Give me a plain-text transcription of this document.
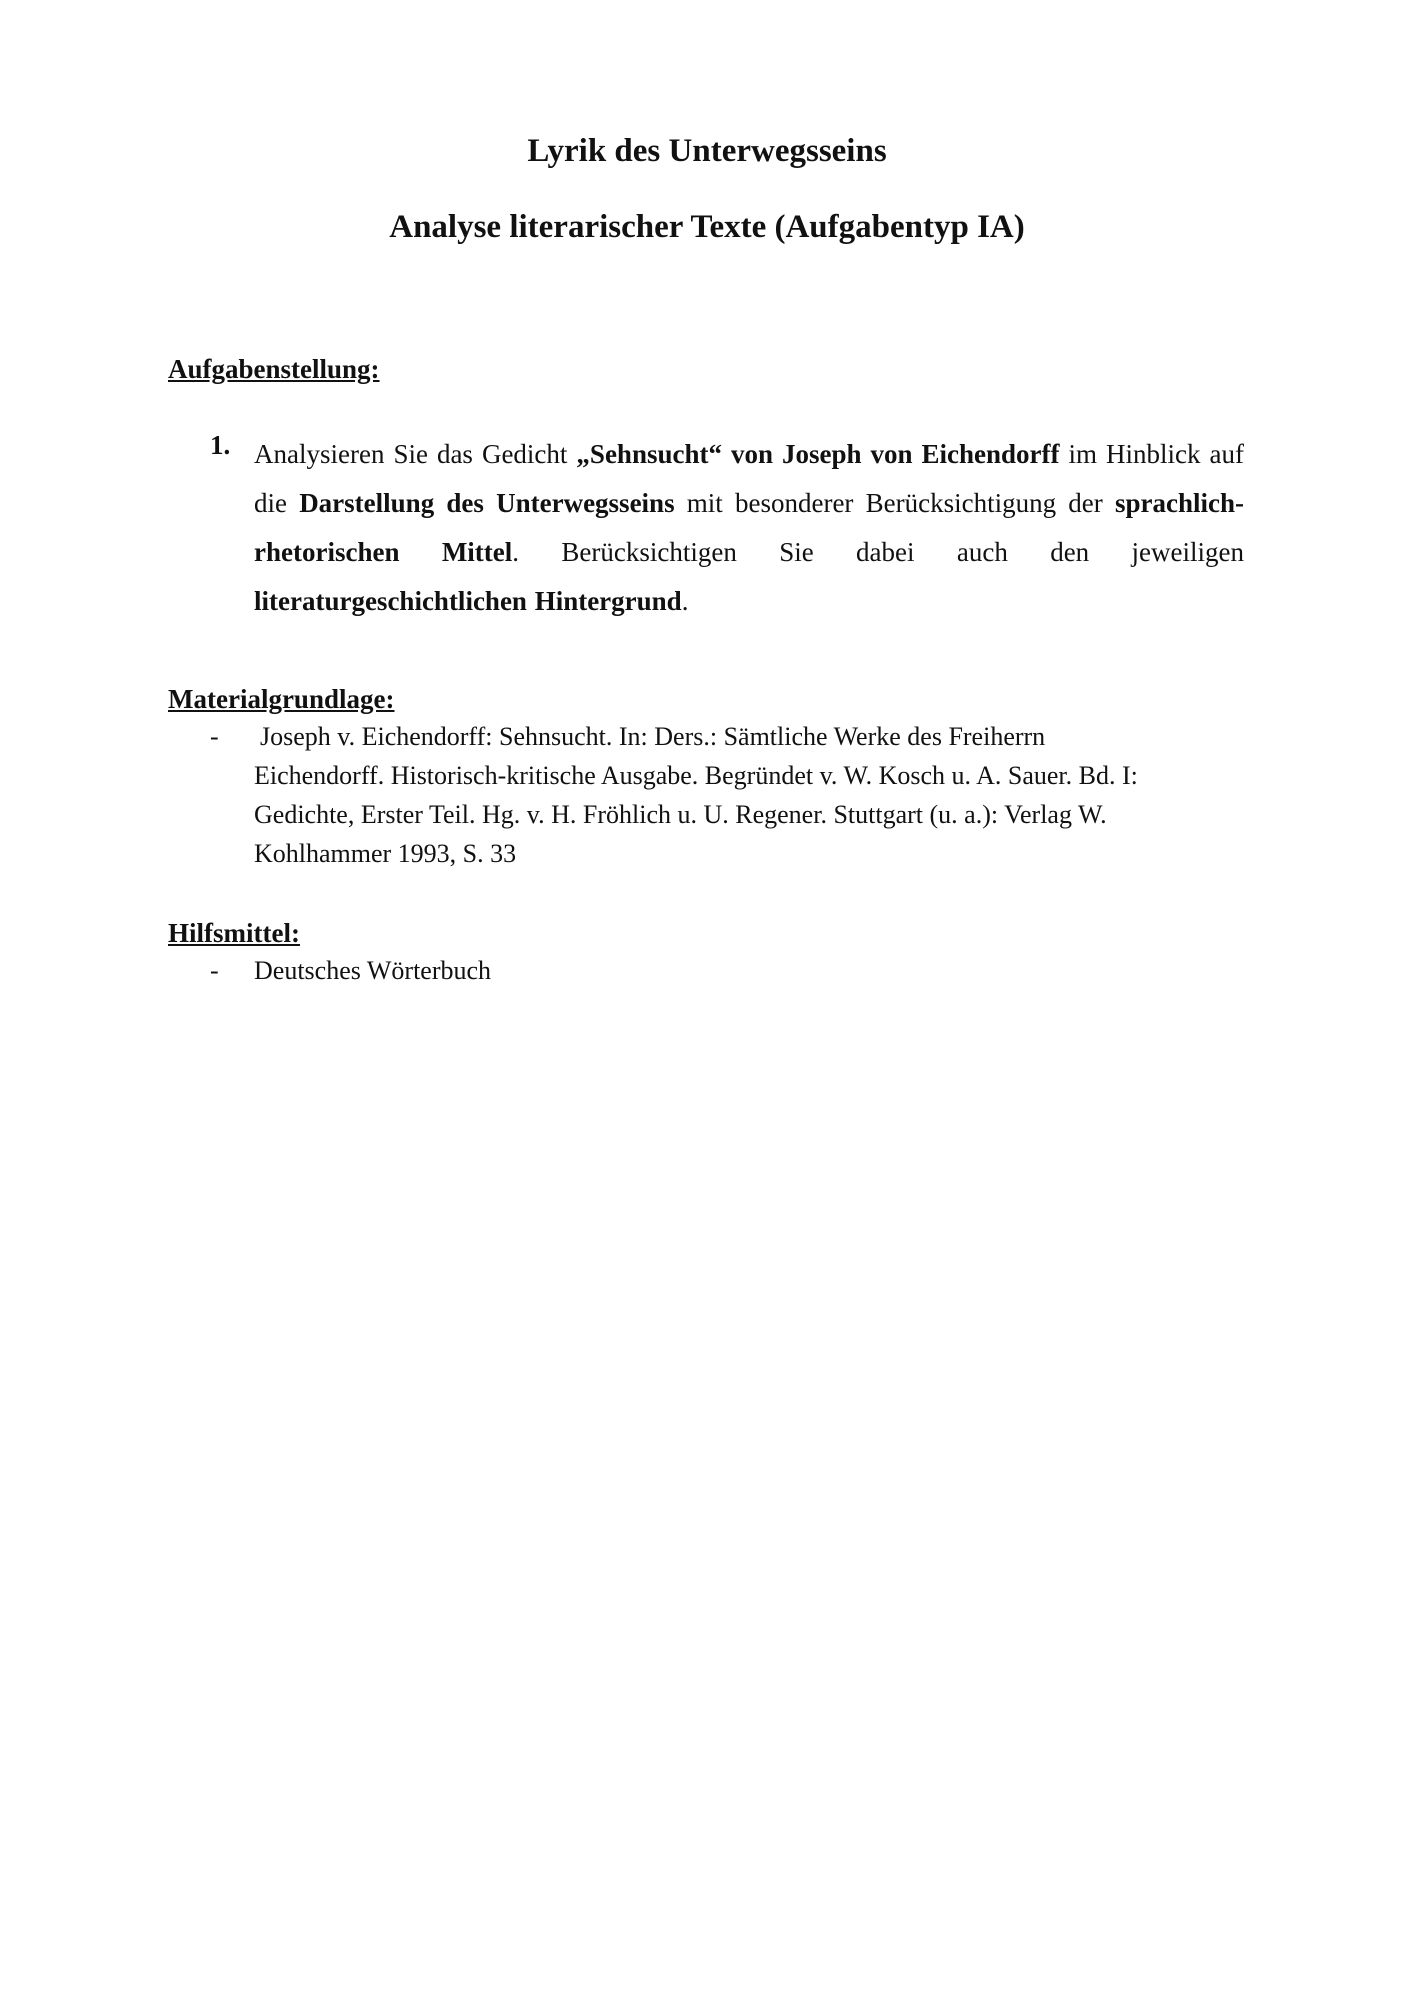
Lyrik des Unterwegsseins
Analyse literarischer Texte (Aufgabentyp IA)
Aufgabenstellung:
1. Analysieren Sie das Gedicht „Sehnsucht“ von Joseph von Eichendorff im Hinblick auf die Darstellung des Unterwegsseins mit besonderer Berücksichtigung der sprachlich-rhetorischen Mittel. Berücksichtigen Sie dabei auch den jeweiligen literaturgeschichtlichen Hintergrund.
Materialgrundlage:
- Joseph v. Eichendorff: Sehnsucht. In: Ders.: Sämtliche Werke des Freiherrn
Eichendorff. Historisch-kritische Ausgabe. Begründet v. W. Kosch u. A. Sauer. Bd. I: Gedichte, Erster Teil. Hg. v. H. Fröhlich u. U. Regener. Stuttgart (u. a.): Verlag W. Kohlhammer 1993, S. 33
Hilfsmittel:
- Deutsches Wörterbuch
